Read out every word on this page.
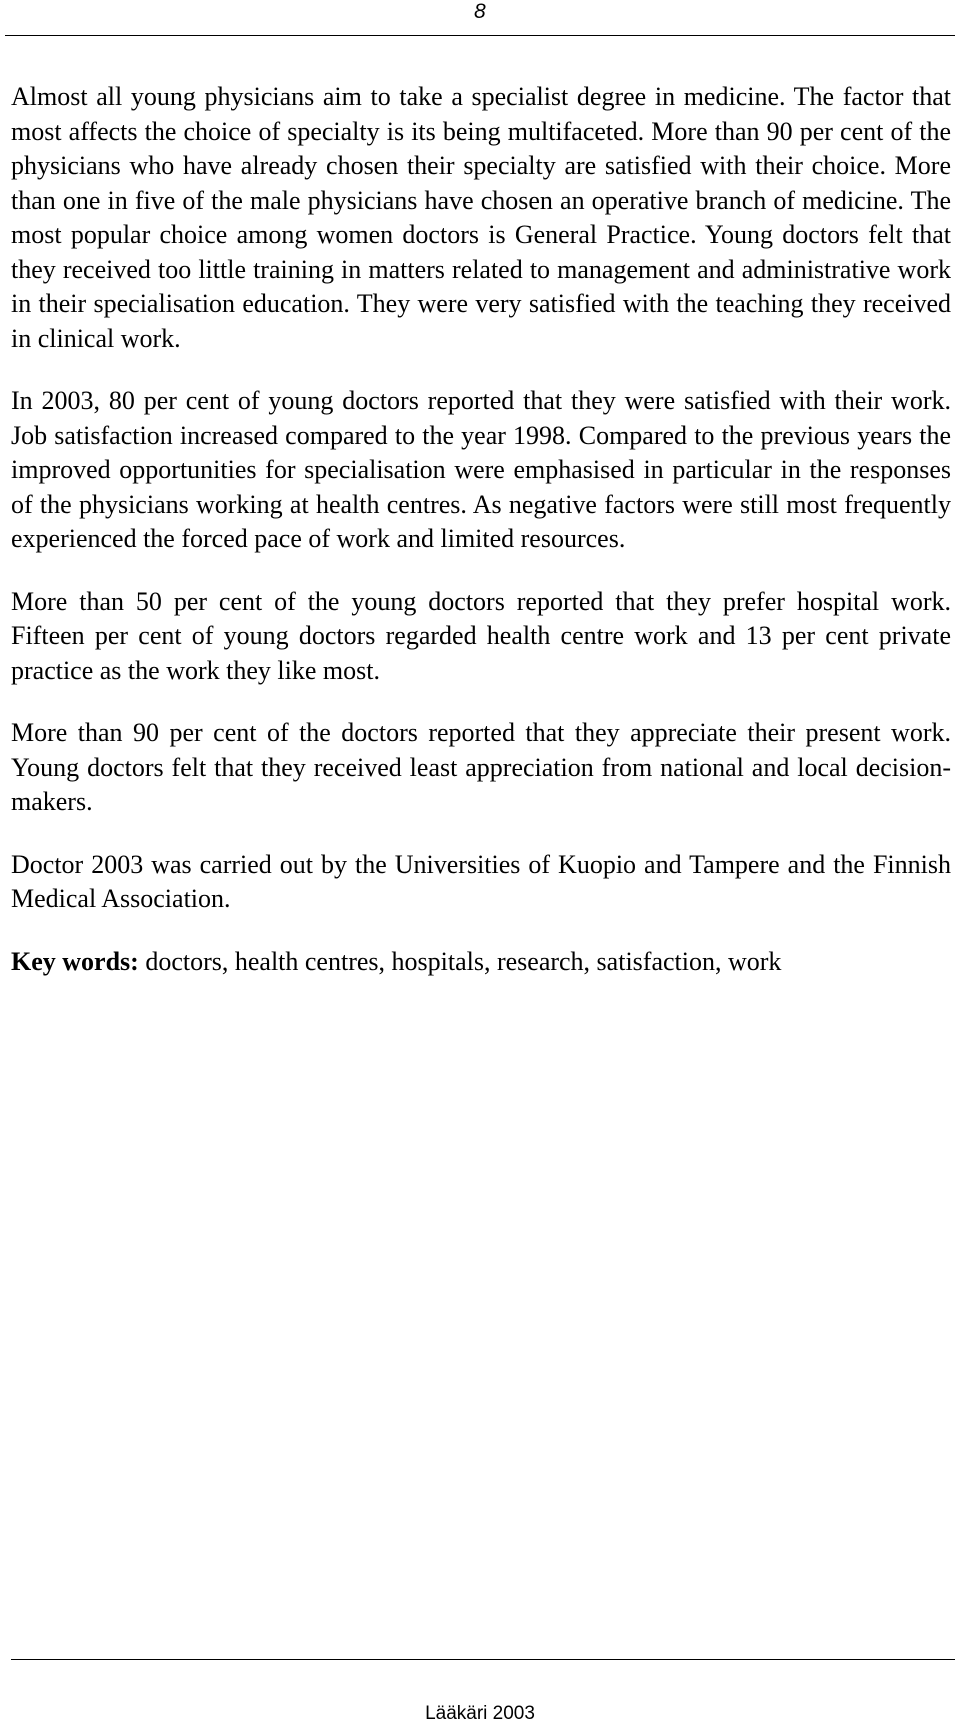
8

Almost all young physicians aim to take a specialist degree in medicine. The factor that most affects the choice of specialty is its being multifaceted. More than 90 per cent of the physicians who have already chosen their specialty are satisfied with their choice. More than one in five of the male physicians have chosen an operative branch of medicine. The most popular choice among women doctors is General Practice. Young doctors felt that they received too little training in matters related to management and administrative work in their specialisation education. They were very satisfied with the teaching they received in clinical work.

In 2003, 80 per cent of young doctors reported that they were satisfied with their work. Job satisfaction increased compared to the year 1998. Compared to the previous years the improved opportunities for specialisation were emphasised in particular in the responses of the physicians working at health centres. As negative factors were still most frequently experienced the forced pace of work and limited resources.

More than 50 per cent of the young doctors reported that they prefer hospital work. Fifteen per cent of young doctors regarded health centre work and 13 per cent private practice as the work they like most.

More than 90 per cent of the doctors reported that they appreciate their present work. Young doctors felt that they received least appreciation from national and local decision-makers.

Doctor 2003 was carried out by the Universities of Kuopio and Tampere and the Finnish Medical Association.

Key words: doctors, health centres, hospitals, research, satisfaction, work

Lääkäri 2003
